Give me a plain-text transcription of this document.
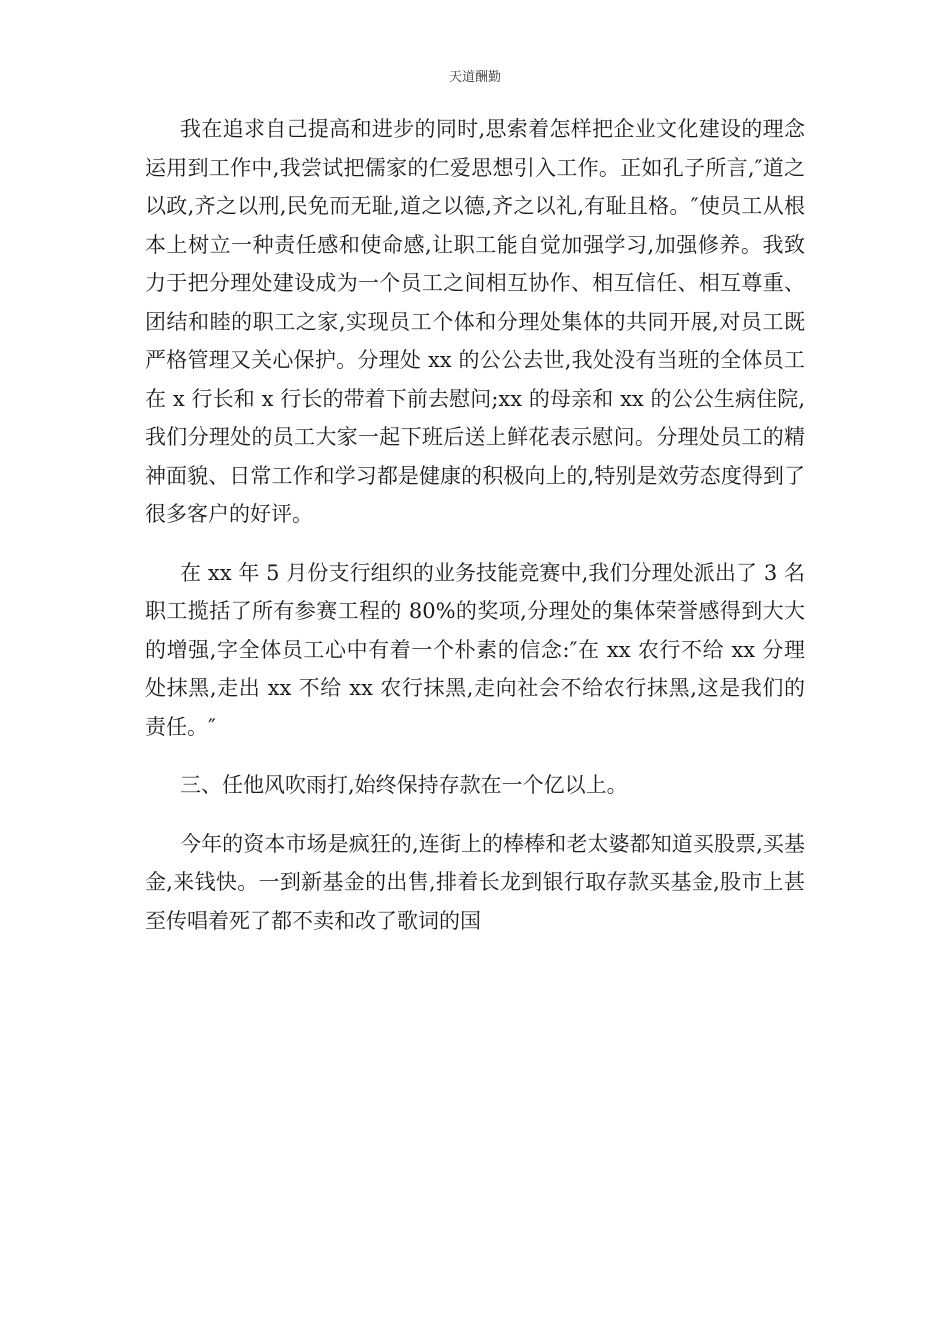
天道酬勤

我在追求自己提高和进步的同时,思索着怎样把企业文化建设的理念运用到工作中,我尝试把儒家的仁爱思想引入工作。正如孔子所言,″道之以政,齐之以刑,民免而无耻,道之以德,齐之以礼,有耻且格。″使员工从根本上树立一种责任感和使命感,让职工能自觉加强学习,加强修养。我致力于把分理处建设成为一个员工之间相互协作、相互信任、相互尊重、团结和睦的职工之家,实现员工个体和分理处集体的共同开展,对员工既严格管理又关心保护。分理处 xx 的公公去世,我处没有当班的全体员工在 x 行长和 x 行长的带着下前去慰问;xx 的母亲和 xx 的公公生病住院,我们分理处的员工大家一起下班后送上鲜花表示慰问。分理处员工的精神面貌、日常工作和学习都是健康的积极向上的,特别是效劳态度得到了很多客户的好评。

在 xx 年 5 月份支行组织的业务技能竞赛中,我们分理处派出了 3 名职工揽括了所有参赛工程的 80%的奖项,分理处的集体荣誉感得到大大的增强,字全体员工心中有着一个朴素的信念:″在 xx 农行不给 xx 分理处抹黑,走出 xx 不给 xx 农行抹黑,走向社会不给农行抹黑,这是我们的责任。″

三、任他风吹雨打,始终保持存款在一个亿以上。

今年的资本市场是疯狂的,连街上的棒棒和老太婆都知道买股票,买基金,来钱快。一到新基金的出售,排着长龙到银行取存款买基金,股市上甚至传唱着死了都不卖和改了歌词的国
